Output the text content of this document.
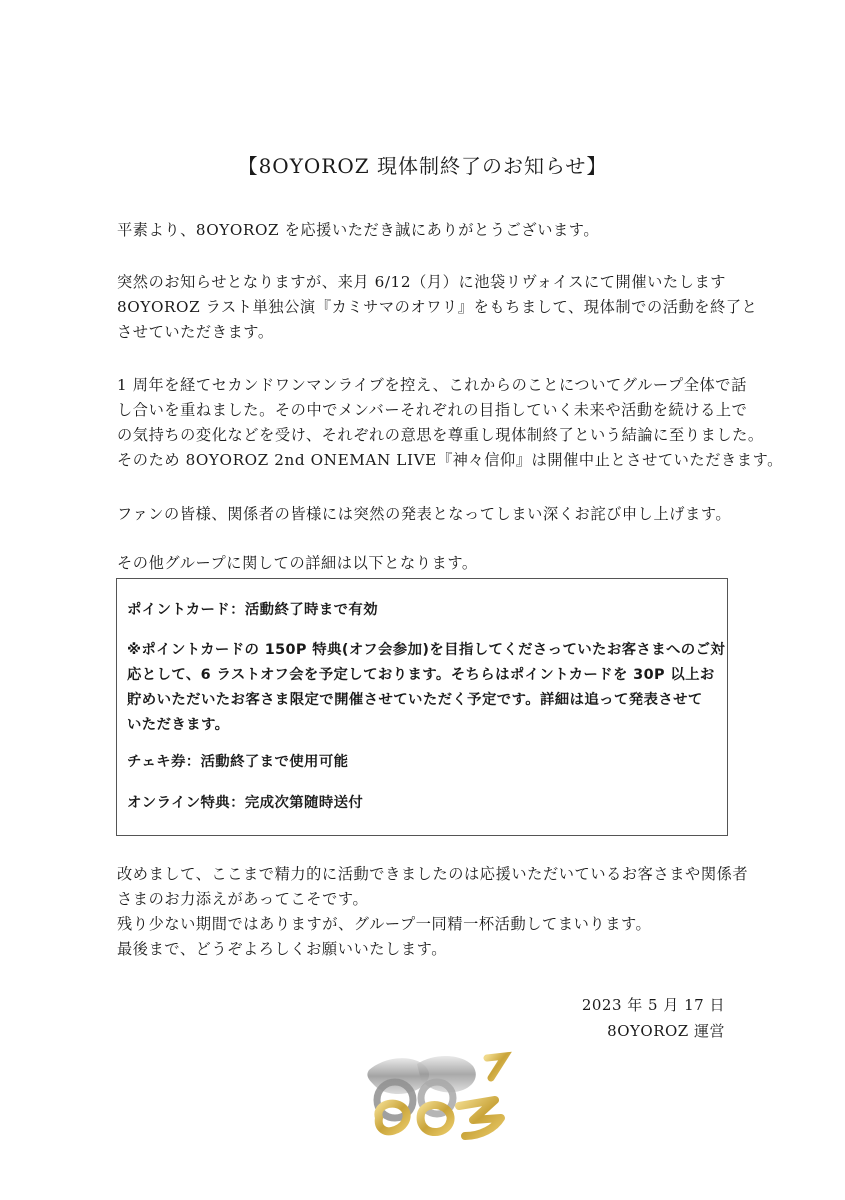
【8OYOROZ 現体制終了のお知らせ】
平素より、8OYOROZ を応援いただき誠にありがとうございます。
突然のお知らせとなりますが、来月 6/12（月）に池袋リヴォイスにて開催いたします
8OYOROZ ラスト単独公演『カミサマのオワリ』をもちまして、現体制での活動を終了と
させていただきます。
1 周年を経てセカンドワンマンライブを控え、これからのことについてグループ全体で話
し合いを重ねました。その中でメンバーそれぞれの目指していく未来や活動を続ける上で
の気持ちの変化などを受け、それぞれの意思を尊重し現体制終了という結論に至りました。
そのため 8OYOROZ 2nd ONEMAN LIVE『神々信仰』は開催中止とさせていただきます。
ファンの皆様、関係者の皆様には突然の発表となってしまい深くお詫び申し上げます。
その他グループに関しての詳細は以下となります。
ポイントカード：活動終了時まで有効
※ポイントカードの 150P 特典(オフ会参加)を目指してくださっていたお客さまへのご対
応として、6 ラストオフ会を予定しております。そちらはポイントカードを 30P 以上お
貯めいただいたお客さま限定で開催させていただく予定です。詳細は追って発表させて
いただきます。
チェキ券：活動終了まで使用可能
オンライン特典：完成次第随時送付
改めまして、ここまで精力的に活動できましたのは応援いただいているお客さまや関係者
さまのお力添えがあってこそです。
残り少ない期間ではありますが、グループ一同精一杯活動してまいります。
最後まで、どうぞよろしくお願いいたします。
2023 年 5 月 17 日
8OYOROZ 運営
